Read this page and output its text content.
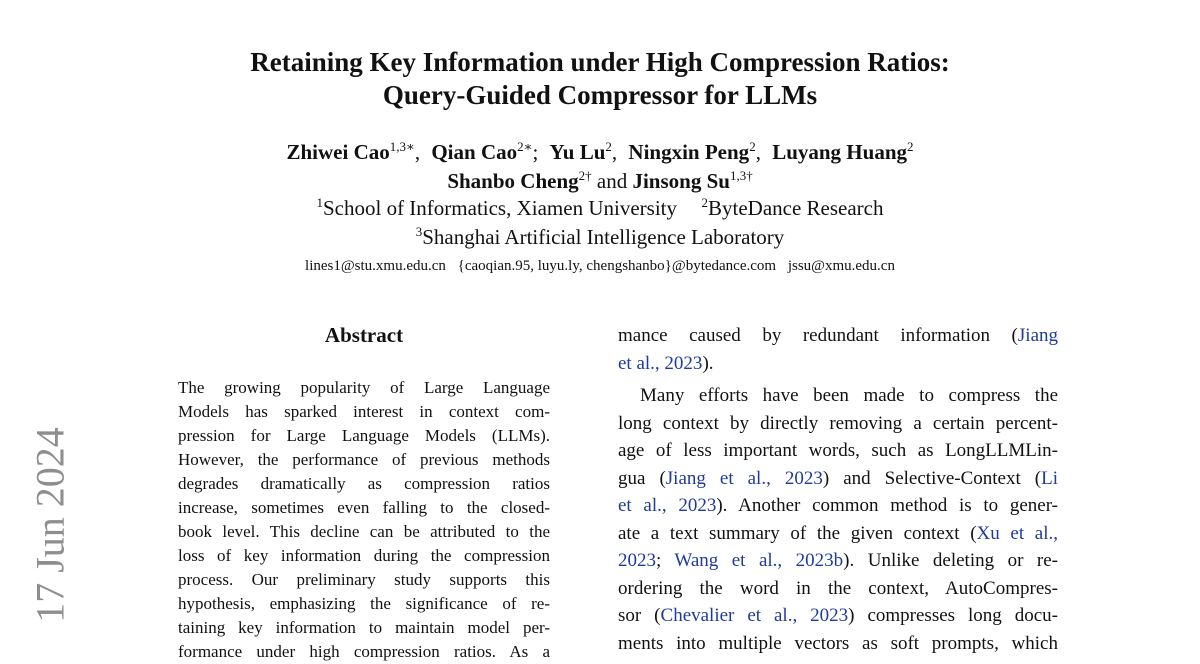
Retaining Key Information under High Compression Ratios:
Query-Guided Compressor for LLMs
Zhiwei Cao$^{1,3∗}$, Qian Cao$^{2∗}$; Yu Lu$^2$, Ningxin Peng$^2$, Luyang Huang$^2$
Shanbo Cheng$^{2\dagger}$ and Jinsong $Su^{1,3\dagger}$
$^1$School of Informatics, Xiamen University $^2$ByteDance Research
$^3$Shanghai Artificial Intelligence Laboratory
lines1@stu.xmu.edu.cn {caoqian.95, luyu.ly, chengshanbo}@bytedance.com jssu@xmu.edu.cn
17 Jun 2024
Abstract
The growing popularity of Large Language
Models has sparked interest in context com-
pression for Large Language Models (LLMs).
However, the performance of previous methods
degrades dramatically as compression ratios
increase, sometimes even falling to the closed-
book level. This decline can be attributed to the
loss of key information during the compression
process. Our preliminary study supports this
hypothesis, emphasizing the significance of re-
taining key information to maintain model per-
formance under high compression ratios. As a
mance caused by redundant information (Jiang
et al., 2023).
Many efforts have been made to compress the
long context by directly removing a certain percent-
age of less important words, such as LongLLMLin-
gua (Jiang et al., 2023) and Selective-Context (Li
et al., 2023). Another common method is to gener-
ate a text summary of the given context (Xu et al.,
2023; Wang et al., 2023b). Unlike deleting or re-
ordering the word in the context, AutoCompres-
sor (Chevalier et al., 2023) compresses long docu-
ments into multiple vectors as soft prompts, which
